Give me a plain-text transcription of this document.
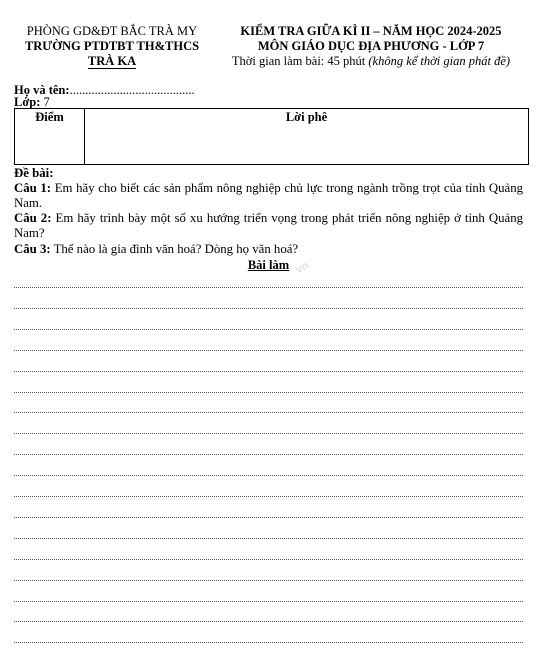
PHÒNG GD&ĐT BẮC TRÀ MY
TRƯỜNG PTDTBT TH&THCS
TRÀ KA
KIỂM TRA GIỮA KÌ II – NĂM HỌC 2024-2025
MÔN GIÁO DỤC ĐỊA PHƯƠNG - LỚP 7
Thời gian làm bài: 45 phút (không kể thời gian phát đề)
Họ và tên:........................................
Lớp: 7
Điểm	Lời phê
Đề bài:
Câu 1: Em hãy cho biết các sản phẩm nông nghiệp chủ lực trong ngành trồng trọt của tỉnh Quảng Nam.
Câu 2: Em hãy trình bày một số xu hướng triển vọng trong phát triển nông nghiệp ở tỉnh Quảng Nam?
Câu 3: Thế nào là gia đình văn hoá? Dòng họ văn hoá?
Bài làm vn
